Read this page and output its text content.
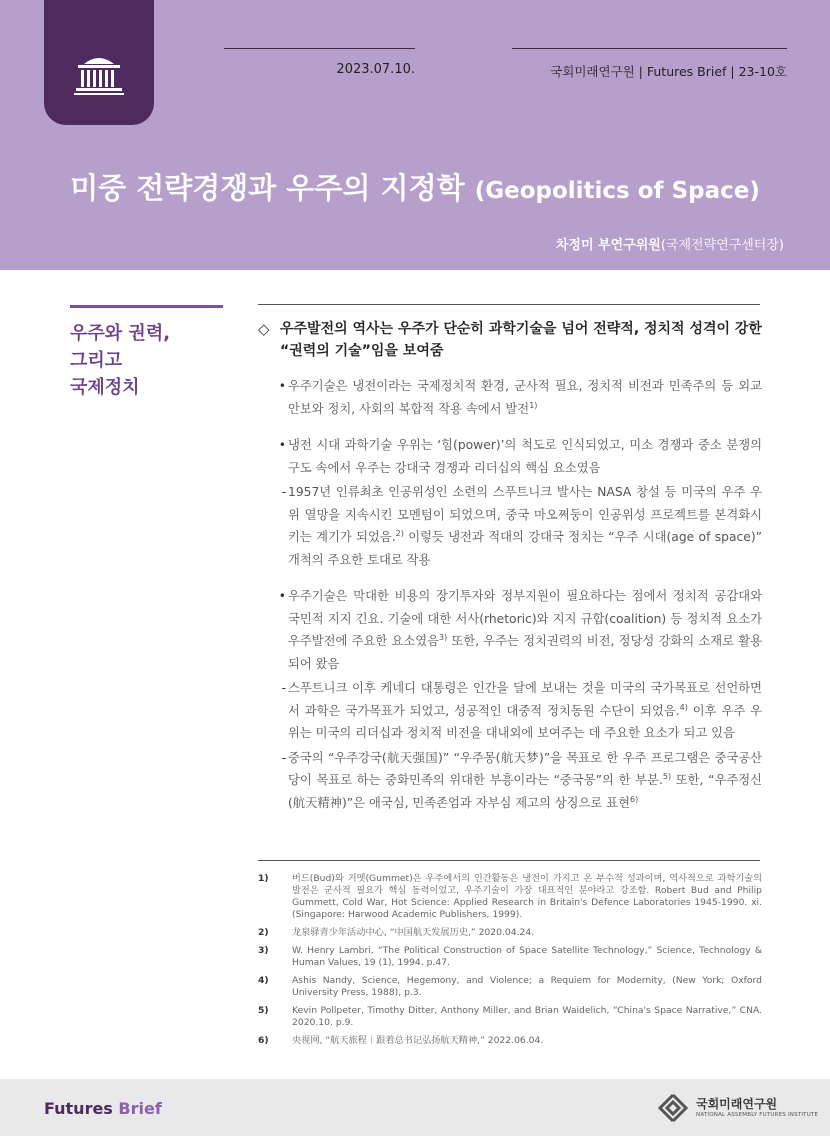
2023.07.10.	국회미래연구원 | Futures Brief | 23-10호
미중 전략경쟁과 우주의 지정학 (Geopolitics of Space)
차정미 부연구위원(국제전략연구센터장)
우주와 권력,
그리고
국제정치
◇ 우주발전의 역사는 우주가 단순히 과학기술을 넘어 전략적, 정치적 성격이 강한 “권력의 기술”임을 보여줌
• 우주기술은 냉전이라는 국제정치적 환경, 군사적 필요, 정치적 비전과 민족주의 등 외교안보와 정치, 사회의 복합적 작용 속에서 발전$^{1)}$
• 냉전 시대 과학기술 우위는 ‘힘(power)’의 척도로 인식되었고, 미소 경쟁과 중소 분쟁의 구도 속에서 우주는 강대국 경쟁과 리더십의 핵심 요소였음
- 1957년 인류최초 인공위성인 소련의 스푸트니크 발사는 NASA 창설 등 미국의 우주 우위 열망을 지속시킨 모멘텀이 되었으며, 중국 마오쩌둥이 인공위성 프로젝트를 본격화시키는 계기가 되었음.$^{2)}$ 이렇듯 냉전과 적대의 강대국 정치는 “우주 시대(age of space)” 개척의 주요한 토대로 작용
• 우주기술은 막대한 비용의 장기투자와 정부지원이 필요하다는 점에서 정치적 공감대와 국민적 지지 긴요. 기술에 대한 서사(rhetoric)와 지지 규합(coalition) 등 정치적 요소가 우주발전에 주요한 요소였음$^{3)}$ 또한, 우주는 정치권력의 비전, 정당성 강화의 소재로 활용되어 왔음
- 스푸트니크 이후 케네디 대통령은 인간을 달에 보내는 것을 미국의 국가목표로 선언하면서 과학은 국가목표가 되었고, 성공적인 대중적 정치동원 수단이 되었음.$^{4)}$ 이후 우주 우위는 미국의 리더십과 정치적 비전을 대내외에 보여주는 데 주요한 요소가 되고 있음
- 중국의 “우주강국(航天强国)” “우주몽(航天梦)”을 목표로 한 우주 프로그램은 중국공산당이 목표로 하는 중화민족의 위대한 부흥이라는 “중국몽”의 한 부분.$^{5)}$ 또한, “우주정신(航天精神)”은 애국심, 민족존엄과 자부심 제고의 상징으로 표현$^{6)}$
1)	버드(Bud)와 거멧(Gummet)은 우주에서의 인간활동은 냉전이 가지고 온 부수적 성과이며, 역사적으로 과학기술의 발전은 군사적 필요가 핵심 동력이었고, 우주기술이 가장 대표적인 분야라고 강조함. Robert Bud and Philip Gummett, Cold War, Hot Science: Applied Research in Britain's Defence Laboratories 1945-1990. xi. (Singapore: Harwood Academic Publishers, 1999).
2)	龙泉驿青少年活动中心, “中国航天发展历史,” 2020.04.24.
3)	W. Henry Lambri, “The Political Construction of Space Satellite Technology,” Science, Technology & Human Values, 19 (1), 1994. p.47.
4)	Ashis Nandy, Science, Hegemony, and Violence; a Requiem for Modernity, (New York; Oxford University Press, 1988), p.3.
5)	Kevin Pollpeter, Timothy Ditter, Anthony Miller, and Brian Waidelich, “China's Space Narrative,” CNA. 2020.10. p.9.
6)	央视网, “航天旅程｜跟着总书记弘扬航天精神,” 2022.06.04.
Futures Brief	국회미래연구원
NATIONAL ASSEMBLY FUTURES INSTITUTE
